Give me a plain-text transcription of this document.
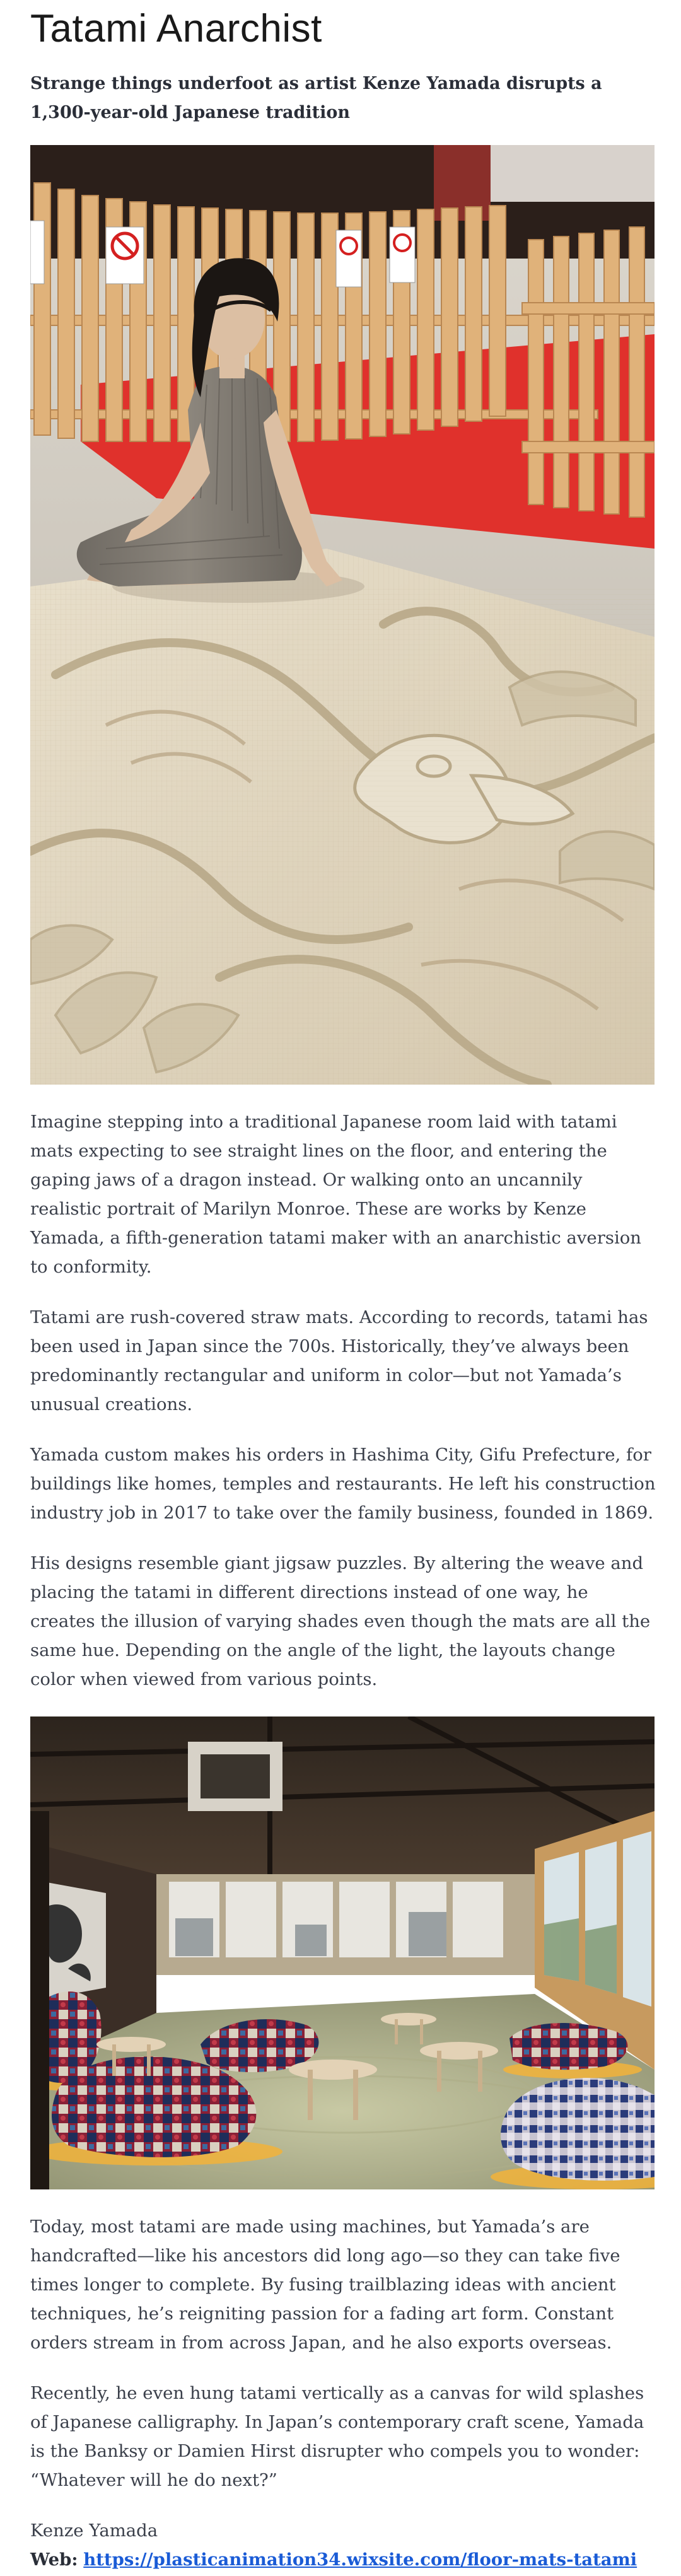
Tatami Anarchist

Strange things underfoot as artist Kenze Yamada disrupts a 1,300-year-old Japanese tradition

Imagine stepping into a traditional Japanese room laid with tatami mats expecting to see straight lines on the floor, and entering the gaping jaws of a dragon instead. Or walking onto an uncannily realistic portrait of Marilyn Monroe. These are works by Kenze Yamada, a fifth-generation tatami maker with an anarchistic aversion to conformity.

Tatami are rush-covered straw mats. According to records, tatami has been used in Japan since the 700s. Historically, they’ve always been predominantly rectangular and uniform in color—but not Yamada’s unusual creations.

Yamada custom makes his orders in Hashima City, Gifu Prefecture, for buildings like homes, temples and restaurants. He left his construction industry job in 2017 to take over the family business, founded in 1869.

His designs resemble giant jigsaw puzzles. By altering the weave and placing the tatami in different directions instead of one way, he creates the illusion of varying shades even though the mats are all the same hue. Depending on the angle of the light, the layouts change color when viewed from various points.

Today, most tatami are made using machines, but Yamada’s are handcrafted—like his ancestors did long ago—so they can take five times longer to complete. By fusing trailblazing ideas with ancient techniques, he’s reigniting passion for a fading art form. Constant orders stream in from across Japan, and he also exports overseas.

Recently, he even hung tatami vertically as a canvas for wild splashes of Japanese calligraphy. In Japan’s contemporary craft scene, Yamada is the Banksy or Damien Hirst disrupter who compels you to wonder: “Whatever will he do next?”

Kenze Yamada
Web: https://plasticanimation34.wixsite.com/floor-mats-tatami
